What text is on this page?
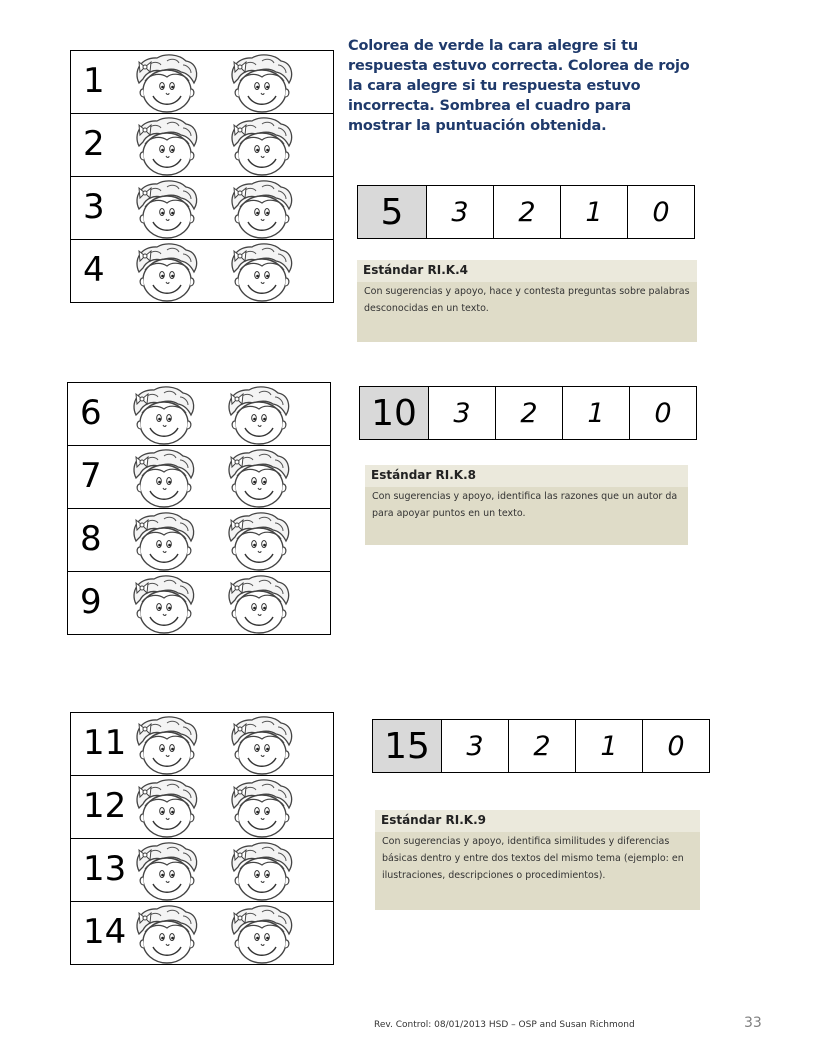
Colorea de verde la cara alegre si tu respuesta estuvo correcta. Colorea de rojo la cara alegre si tu respuesta estuvo incorrecta. Sombrea el cuadro para mostrar la puntuación obtenida.
1

2

3

4
5	3	2	1	0
Estándar RI.K.4
Con sugerencias y apoyo, hace y contesta preguntas sobre palabras desconocidas en un texto.
6

7

8

9
10	3	2	1	0
Estándar RI.K.8
Con sugerencias y apoyo, identifica las razones que un autor da para apoyar puntos en un texto.
11

12

13

14
15	3	2	1	0
Estándar RI.K.9
Con sugerencias y apoyo, identifica similitudes y diferencias básicas dentro y entre dos textos del mismo tema (ejemplo: en ilustraciones, descripciones o procedimientos).
Rev. Control: 08/01/2013 HSD – OSP and Susan Richmond	33
